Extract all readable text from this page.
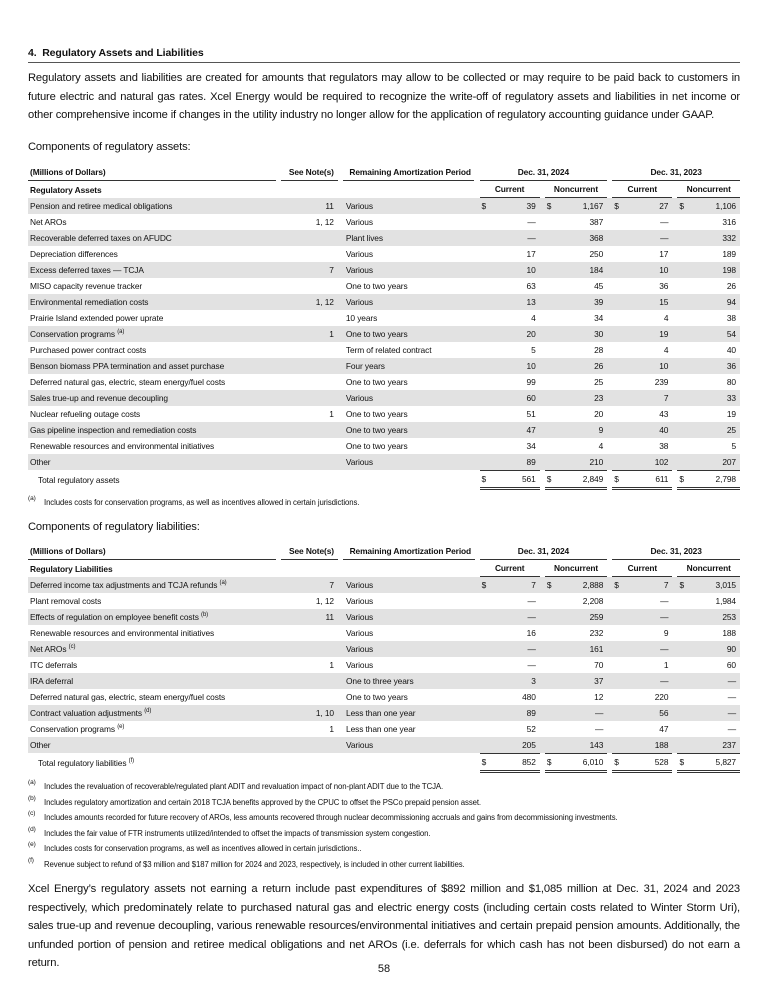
4. Regulatory Assets and Liabilities
Regulatory assets and liabilities are created for amounts that regulators may allow to be collected or may require to be paid back to customers in future electric and natural gas rates. Xcel Energy would be required to recognize the write-off of regulatory assets and liabilities in net income or other comprehensive income if changes in the utility industry no longer allow for the application of regulatory accounting guidance under GAAP.
Components of regulatory assets:
(Millions of Dollars)		See Note(s)		Remaining Amortization Period		Dec. 31, 2024						Dec. 31, 2023				
Regulatory Assets						Current			Noncurrent			Current			Noncurrent	
Pension and retiree medical obligations		11		Various		$	39		$	1,167		$	27		$	1,106
Net AROs		1, 12		Various			—			387			—			316
Recoverable deferred taxes on AFUDC				Plant lives			—			368			—			332
Depreciation differences				Various			17			250			17			189
Excess deferred taxes — TCJA		7		Various			10			184			10			198
MISO capacity revenue tracker				One to two years			63			45			36			26
Environmental remediation costs		1, 12		Various			13			39			15			94
Prairie Island extended power uprate				10 years			4			34			4			38
Conservation programs $^{(a)}$		1		One to two years			20			30			19			54
Purchased power contract costs				Term of related contract			5			28			4			40
Benson biomass PPA termination and asset purchase				Four years			10			26			10			36
Deferred natural gas, electric, steam energy/fuel costs				One to two years			99			25			239			80
Sales true-up and revenue decoupling				Various			60			23			7			33
Nuclear refueling outage costs		1		One to two years			51			20			43			19
Gas pipeline inspection and remediation costs				One to two years			47			9			40			25
Renewable resources and environmental initiatives				One to two years			34			4			38			5
Other				Various			89			210			102			207
Total regulatory assets						$	561		$	2,849		$	611		$	2,798
(a) Includes costs for conservation programs, as well as incentives allowed in certain jurisdictions.
Components of regulatory liabilities:
(Millions of Dollars)		See Note(s)		Remaining Amortization Period		Dec. 31, 2024						Dec. 31, 2023				
Regulatory Liabilities						Current			Noncurrent			Current			Noncurrent	
Deferred income tax adjustments and TCJA refunds $^{(a)}$		7		Various		$	7		$	2,888		$	7		$	3,015
Plant removal costs		1, 12		Various			—			2,208			—			1,984
Effects of regulation on employee benefit costs $^{(b)}$		11		Various			—			259			—			253
Renewable resources and environmental initiatives				Various			16			232			9			188
Net AROs $^{(c)}$				Various			—			161			—			90
ITC deferrals		1		Various			—			70			1			60
IRA deferral				One to three years			3			37			—			—
Deferred natural gas, electric, steam energy/fuel costs				One to two years			480			12			220			—
Contract valuation adjustments $^{(d)}$		1, 10		Less than one year			89			—			56			—
Conservation programs $^{(e)}$		1		Less than one year			52			—			47			—
Other				Various			205			143			188			237
Total regulatory liabilities $^{(f)}$						$	852		$	6,010		$	528		$	5,827
(a) Includes the revaluation of recoverable/regulated plant ADIT and revaluation impact of non-plant ADIT due to the TCJA.
(b) Includes regulatory amortization and certain 2018 TCJA benefits approved by the CPUC to offset the PSCo prepaid pension asset.
(c) Includes amounts recorded for future recovery of AROs, less amounts recovered through nuclear decommissioning accruals and gains from decommissioning investments.
(d) Includes the fair value of FTR instruments utilized/intended to offset the impacts of transmission system congestion.
(e) Includes costs for conservation programs, as well as incentives allowed in certain jurisdictions..
(f) Revenue subject to refund of $3 million and $187 million for 2024 and 2023, respectively, is included in other current liabilities.
Xcel Energy’s regulatory assets not earning a return include past expenditures of $892 million and $1,085 million at Dec. 31, 2024 and 2023 respectively, which predominately relate to purchased natural gas and electric energy costs (including certain costs related to Winter Storm Uri), sales true-up and revenue decoupling, various renewable resources/environmental initiatives and certain prepaid pension amounts. Additionally, the unfunded portion of pension and retiree medical obligations and net AROs (i.e. deferrals for which cash has not been disbursed) do not earn a return.	58
